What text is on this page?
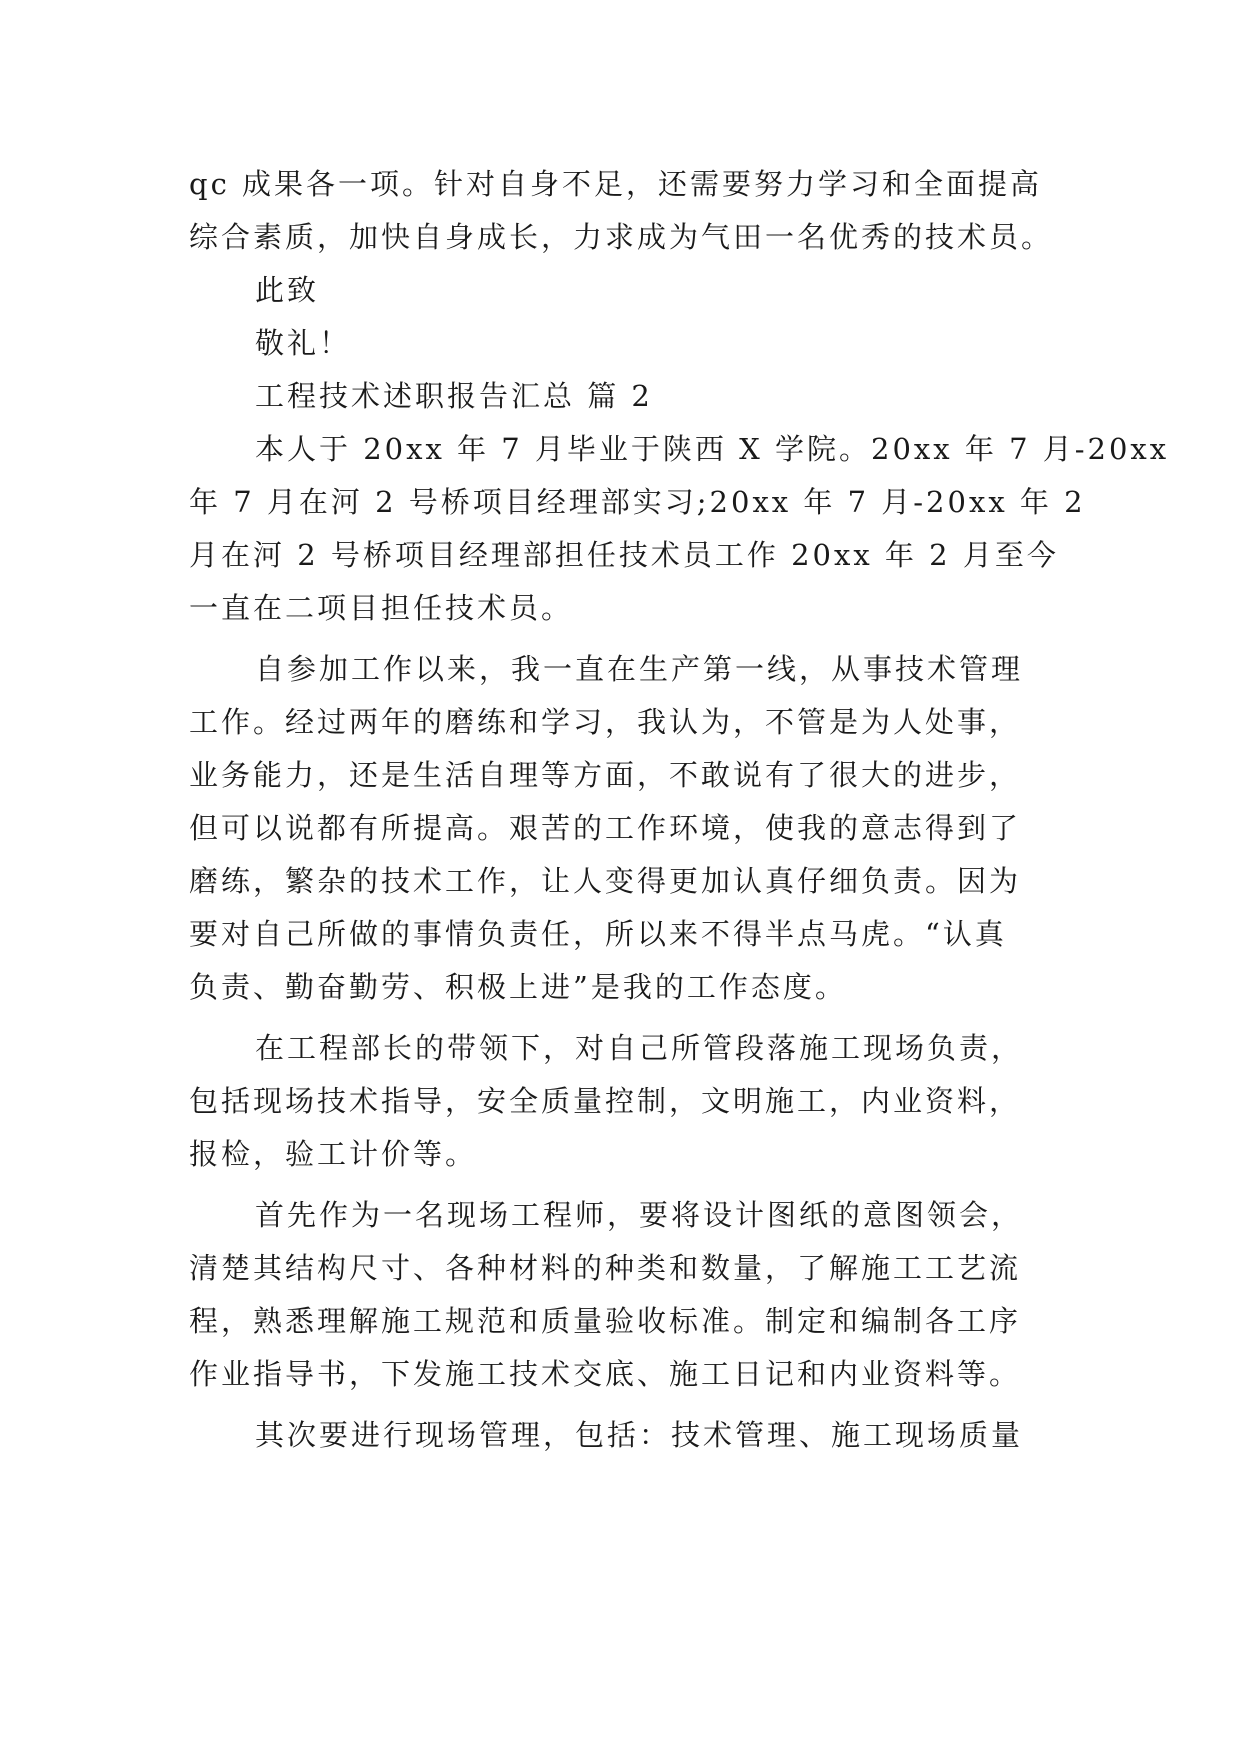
qc 成果各一项。针对自身不足，还需要努力学习和全面提高
综合素质，加快自身成长，力求成为气田一名优秀的技术员。
此致
敬礼！
工程技术述职报告汇总 篇 2
本人于 20xx 年 7 月毕业于陕西 X 学院。20xx 年 7 月-20xx
年 7 月在河 2 号桥项目经理部实习;20xx 年 7 月-20xx 年 2
月在河 2 号桥项目经理部担任技术员工作 20xx 年 2 月至今
一直在二项目担任技术员。
自参加工作以来，我一直在生产第一线，从事技术管理
工作。经过两年的磨练和学习，我认为，不管是为人处事，
业务能力，还是生活自理等方面，不敢说有了很大的进步，
但可以说都有所提高。艰苦的工作环境，使我的意志得到了
磨练，繁杂的技术工作，让人变得更加认真仔细负责。因为
要对自己所做的事情负责任，所以来不得半点马虎。“认真
负责、勤奋勤劳、积极上进”是我的工作态度。
在工程部长的带领下，对自己所管段落施工现场负责，
包括现场技术指导，安全质量控制，文明施工，内业资料，
报检，验工计价等。
首先作为一名现场工程师，要将设计图纸的意图领会，
清楚其结构尺寸、各种材料的种类和数量，了解施工工艺流
程，熟悉理解施工规范和质量验收标准。制定和编制各工序
作业指导书，下发施工技术交底、施工日记和内业资料等。
其次要进行现场管理，包括：技术管理、施工现场质量
